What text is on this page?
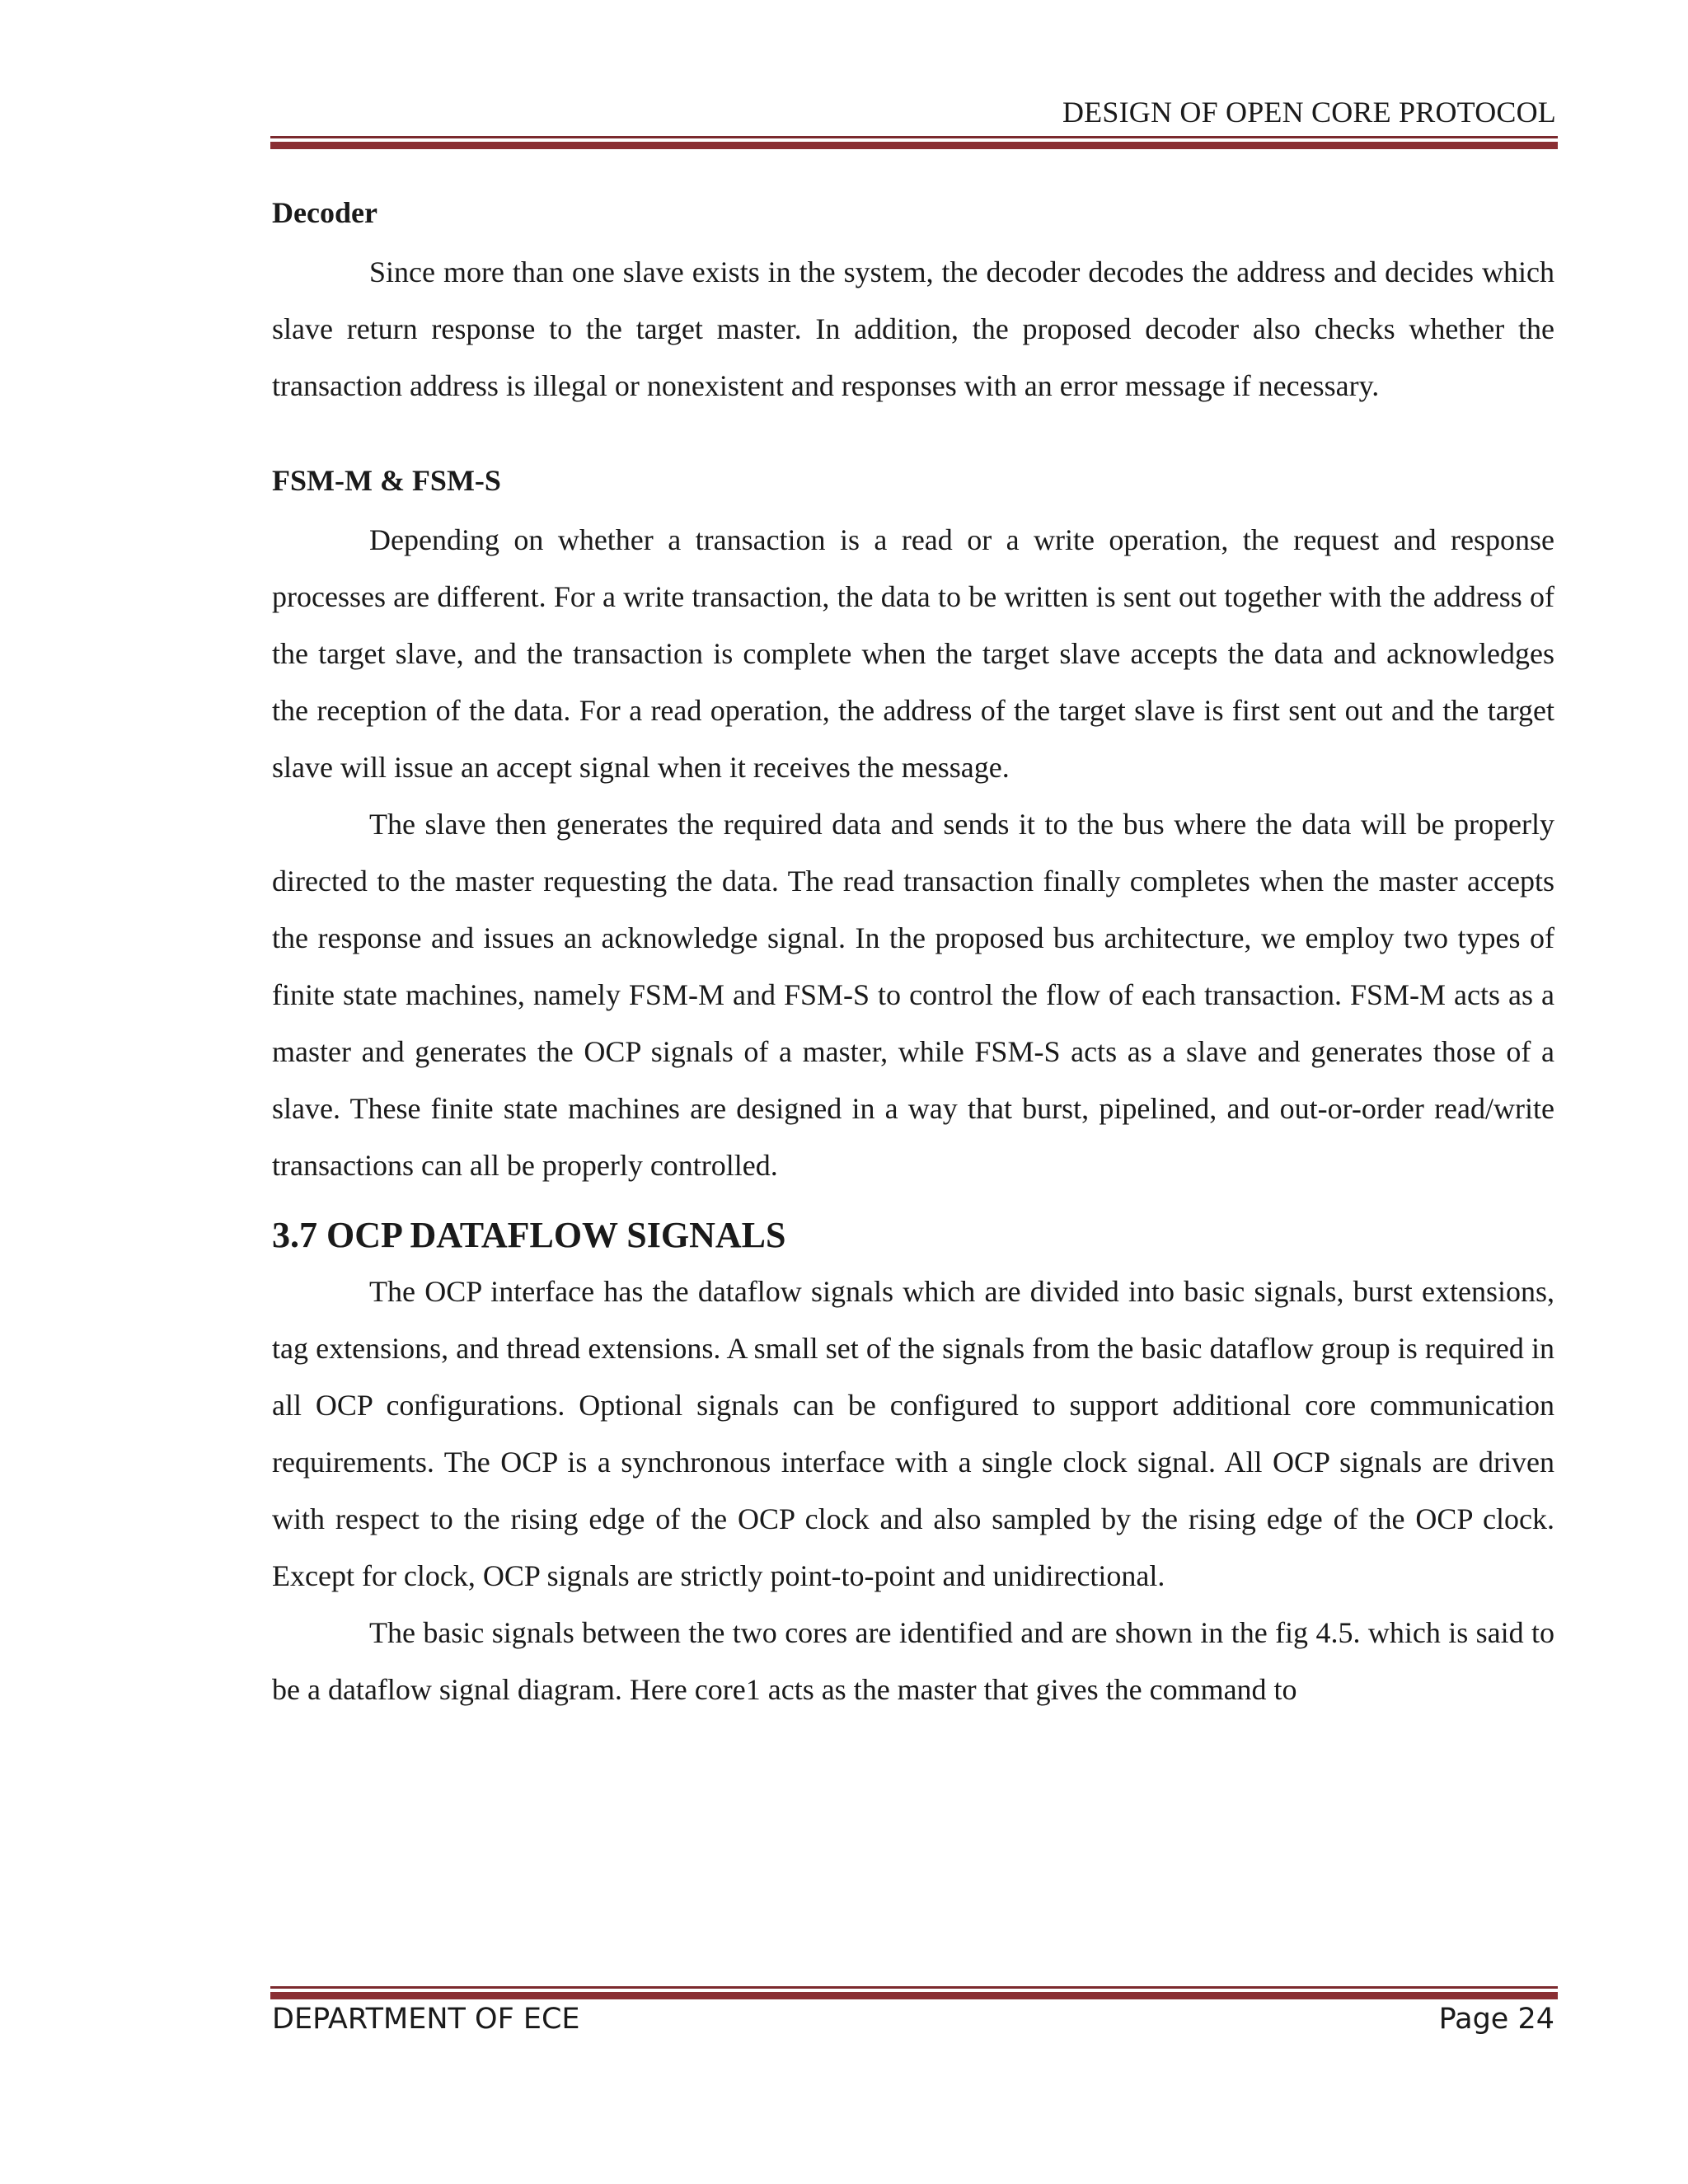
DESIGN OF OPEN CORE PROTOCOL
Decoder

Since more than one slave exists in the system, the decoder decodes the address and decides which slave return response to the target master. In addition, the proposed decoder also checks whether the transaction address is illegal or nonexistent and responses with an error message if necessary.

FSM-M & FSM-S

Depending on whether a transaction is a read or a write operation, the request and response processes are different. For a write transaction, the data to be written is sent out together with the address of the target slave, and the transaction is complete when the target slave accepts the data and acknowledges the reception of the data. For a read operation, the address of the target slave is first sent out and the target slave will issue an accept signal when it receives the message.

The slave then generates the required data and sends it to the bus where the data will be properly directed to the master requesting the data. The read transaction finally completes when the master accepts the response and issues an acknowledge signal. In the proposed bus architecture, we employ two types of finite state machines, namely FSM-M and FSM-S to control the flow of each transaction. FSM-M acts as a master and generates the OCP signals of a master, while FSM-S acts as a slave and generates those of a slave. These finite state machines are designed in a way that burst, pipelined, and out-or-order read/write transactions can all be properly controlled.

3.7 OCP DATAFLOW SIGNALS

The OCP interface has the dataflow signals which are divided into basic signals, burst extensions, tag extensions, and thread extensions. A small set of the signals from the basic dataflow group is required in all OCP configurations. Optional signals can be configured to support additional core communication requirements. The OCP is a synchronous interface with a single clock signal. All OCP signals are driven with respect to the rising edge of the OCP clock and also sampled by the rising edge of the OCP clock. Except for clock, OCP signals are strictly point-to-point and unidirectional.

The basic signals between the two cores are identified and are shown in the fig 4.5. which is said to be a dataflow signal diagram. Here core1 acts as the master that gives the command to

DEPARTMENT OF ECE	Page 24
